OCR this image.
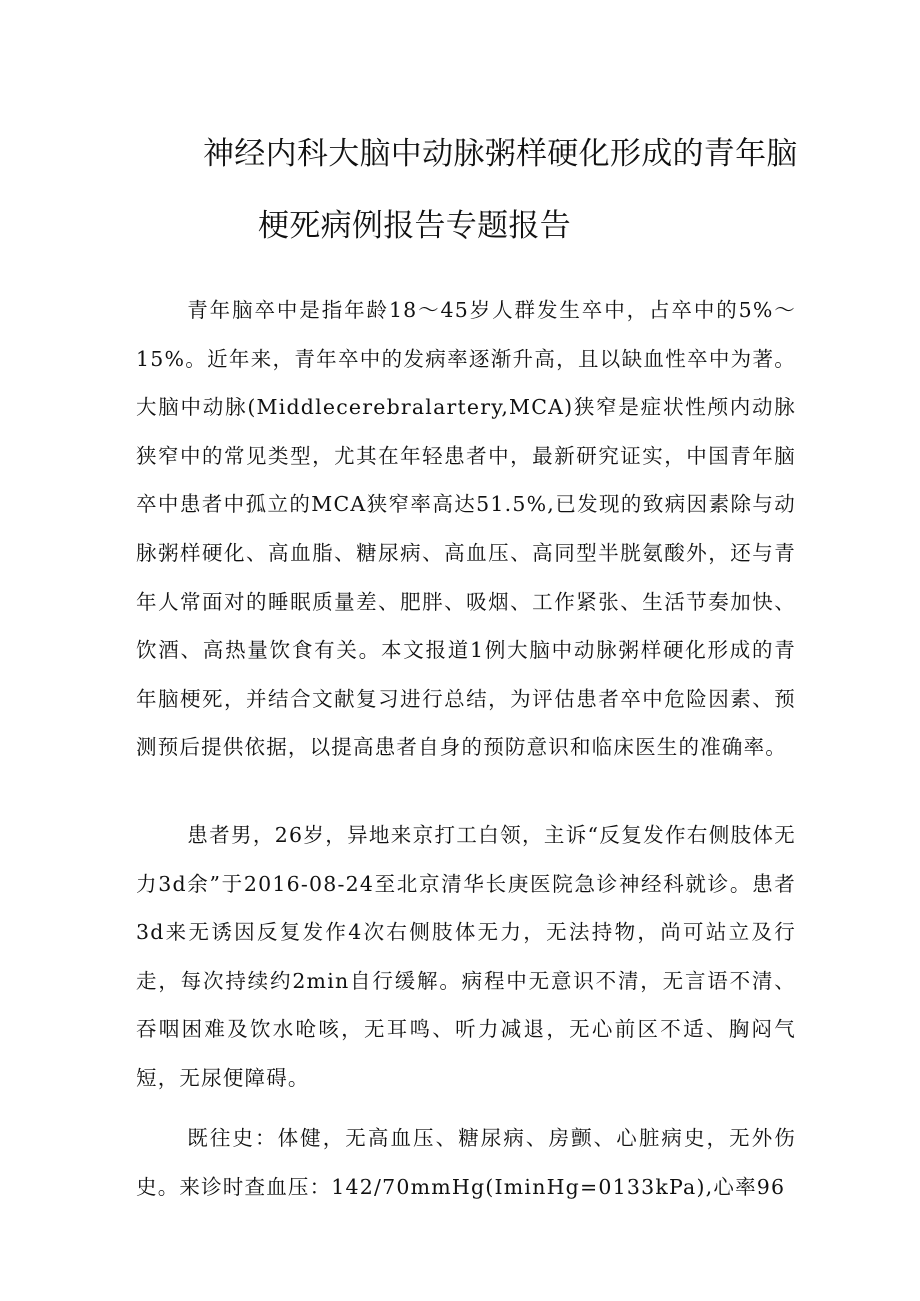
神经内科大脑中动脉粥样硬化形成的青年脑
梗死病例报告专题报告

青年脑卒中是指年龄18～45岁人群发生卒中，占卒中的5%～15%。近年来，青年卒中的发病率逐渐升高，且以缺血性卒中为著。大脑中动脉(Middlecerebralartery,MCA)狭窄是症状性颅内动脉狭窄中的常见类型，尤其在年轻患者中，最新研究证实，中国青年脑卒中患者中孤立的MCA狭窄率高达51.5%,已发现的致病因素除与动脉粥样硬化、高血脂、糖尿病、高血压、高同型半胱氨酸外，还与青年人常面对的睡眠质量差、肥胖、吸烟、工作紧张、生活节奏加快、饮酒、高热量饮食有关。本文报道1例大脑中动脉粥样硬化形成的青年脑梗死，并结合文献复习进行总结，为评估患者卒中危险因素、预测预后提供依据，以提高患者自身的预防意识和临床医生的准确率。

患者男，26岁，异地来京打工白领，主诉“反复发作右侧肢体无力3d余”于2016-08-24至北京清华长庚医院急诊神经科就诊。患者3d来无诱因反复发作4次右侧肢体无力，无法持物，尚可站立及行走，每次持续约2min自行缓解。病程中无意识不清，无言语不清、吞咽困难及饮水呛咳，无耳鸣、听力减退，无心前区不适、胸闷气短，无尿便障碍。

既往史：体健，无高血压、糖尿病、房颤、心脏病史，无外伤史。来诊时查血压：142/70mmHg(IminHg=0133kPa),心率96
